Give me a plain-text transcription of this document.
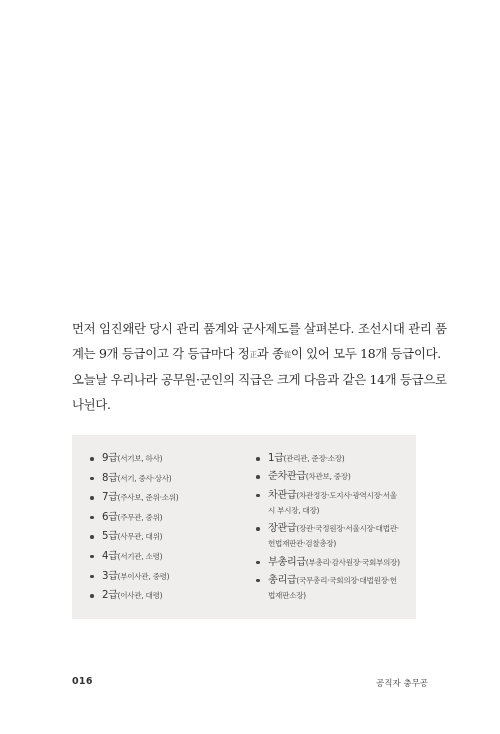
먼저 임진왜란 당시 관리 품계와 군사제도를 살펴본다. 조선시대 관리 품
계는 9개 등급이고 각 등급마다 정正과 종從이 있어 모두 18개 등급이다.
오늘날 우리나라 공무원·군인의 직급은 크게 다음과 같은 14개 등급으로
나뉜다.
9급(서기보, 하사)
8급(서기, 중사·상사)
7급(주사보, 준위·소위)
6급(주무관, 중위)
5급(사무관, 대위)
4급(서기관, 소령)
3급(부이사관, 중령)
2급(이사관, 대령)
1급(관리관, 준장·소장)
준차관급(차관보, 중장)
차관급(차관정장·도지사·광역시장·서울
시 부시장, 대장)
장관급(장관·국정원장·서울시장·대법관·
헌법재판관·검찰총장)
부총리급(부총리·감사원장·국회부의장)
총리급(국무총리·국회의장·대법원장·헌
법재판소장)
016	공직자 충무공
